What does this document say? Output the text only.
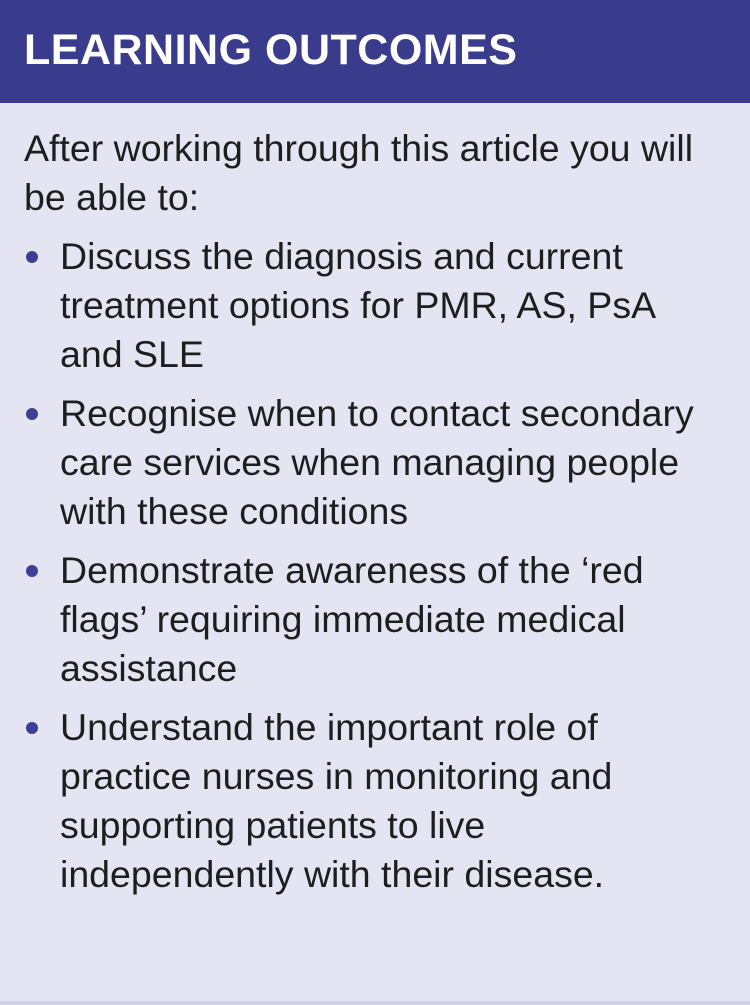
LEARNING OUTCOMES

After working through this article you will be able to:

Discuss the diagnosis and current treatment options for PMR, AS, PsA and SLE
Recognise when to contact secondary care services when managing people with these conditions
Demonstrate awareness of the ‘red flags’ requiring immediate medical assistance
Understand the important role of practice nurses in monitoring and supporting patients to live independently with their disease.
